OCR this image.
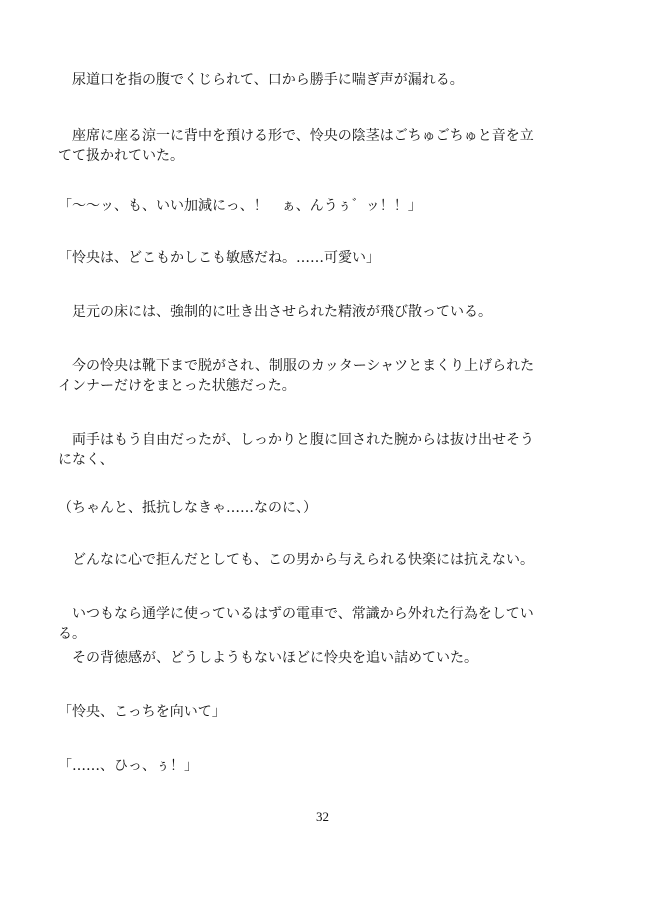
　尿道口を指の腹でくじられて、口から勝手に喘ぎ声が漏れる。
　座席に座る涼一に背中を預ける形で、怜央の陰茎はごちゅごちゅと音を立
てて扱かれていた。
「〜〜ッ、も、いい加減にっ、！　ぁ、んうぅ゛ッ！！」
「怜央は、どこもかしこも敏感だね。……可愛い」
　足元の床には、強制的に吐き出させられた精液が飛び散っている。
　今の怜央は靴下まで脱がされ、制服のカッターシャツとまくり上げられた
インナーだけをまとった状態だった。
　両手はもう自由だったが、しっかりと腹に回された腕からは抜け出せそう
になく、
（ちゃんと、抵抗しなきゃ……なのに、）
　どんなに心で拒んだとしても、この男から与えられる快楽には抗えない。
　いつもなら通学に使っているはずの電車で、常識から外れた行為をしてい
る。
　その背徳感が、どうしようもないほどに怜央を追い詰めていた。
「怜央、こっちを向いて」
「……、ひっ、ぅ！」
32
